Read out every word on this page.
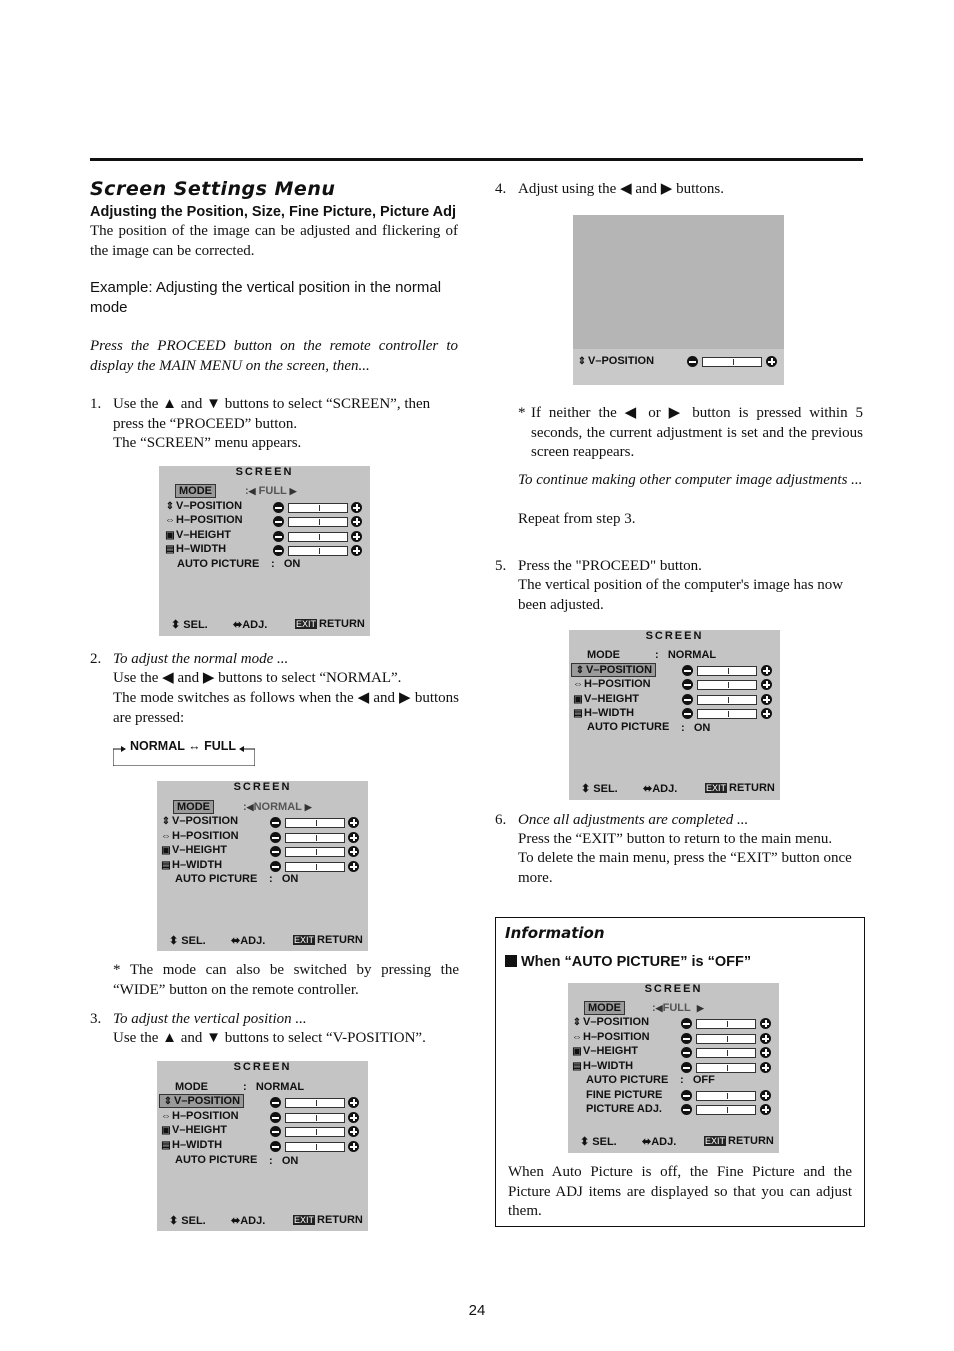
Screen Settings Menu
Adjusting the Position, Size, Fine Picture, Picture Adj

The position of the image can be adjusted and flickering of the image can be corrected.

Example: Adjusting the vertical position in the normal mode

Press the PROCEED button on the remote controller to display the MAIN MENU on the screen, then...

1. Use the ▲ and ▼ buttons to select “SCREEN”, then press the “PROCEED” button.

The “SCREEN” menu appears.

SCREEN
MODE	:◀ FULL ▶
⇕ V–POSITION
⇔H–POSITION
▣V–HEIGHT
▤H–WIDTH
AUTO PICTURE : ON
⬍ SEL. ⬌ADJ.	EXIT RETURN
2. To adjust the normal mode ...

Use the ◀ and ▶ buttons to select “NORMAL”.

The mode switches as follows when the ◀ and ▶ buttons are pressed:

NORMAL ↔ FULL
SCREEN
MODE	:◀NORMAL ▶
⇕ V–POSITION
⇔H–POSITION
▣V–HEIGHT
▤H–WIDTH
AUTO PICTURE : ON
⬍ SEL. ⬌ADJ.	EXIT RETURN

* The mode can also be switched by pressing the “WIDE” button on the remote controller.

3. To adjust the vertical position ...

Use the ▲ and ▼ buttons to select “V-POSITION”.

SCREEN
MODE	: NORMAL
⇕ V–POSITION
⇔H–POSITION
▣V–HEIGHT
▤H–WIDTH
AUTO PICTURE : ON
⬍ SEL. ⬌ADJ.	EXIT RETURN
4. Adjust using the ◀ and ▶ buttons.

⇕ V–POSITION
* If neither the ◀ or ▶ button is pressed within 5 seconds, the current adjustment is set and the previous screen reappears.

To continue making other computer image adjustments ...

Repeat from step 3.

5. Press the "PROCEED" button.

The vertical position of the computer's image has now been adjusted.

SCREEN
MODE	: NORMAL
⇕ V–POSITION
⇔H–POSITION
▣V–HEIGHT
▤H–WIDTH
AUTO PICTURE : ON
⬍ SEL. ⬌ADJ.	EXIT RETURN
6. Once all adjustments are completed ...

Press the “EXIT” button to return to the main menu.

To delete the main menu, press the “EXIT” button once more.

Information
When “AUTO PICTURE” is “OFF”
SCREEN
MODE	:◀FULL ▶
⇕ V–POSITION
⇔H–POSITION
▣V–HEIGHT
▤H–WIDTH
AUTO PICTURE : OFF
FINE PICTURE
PICTURE ADJ.
⬍ SEL. ⬌ADJ.	EXIT RETURN

When Auto Picture is off, the Fine Picture and the Picture ADJ items are displayed so that you can adjust them.

24
